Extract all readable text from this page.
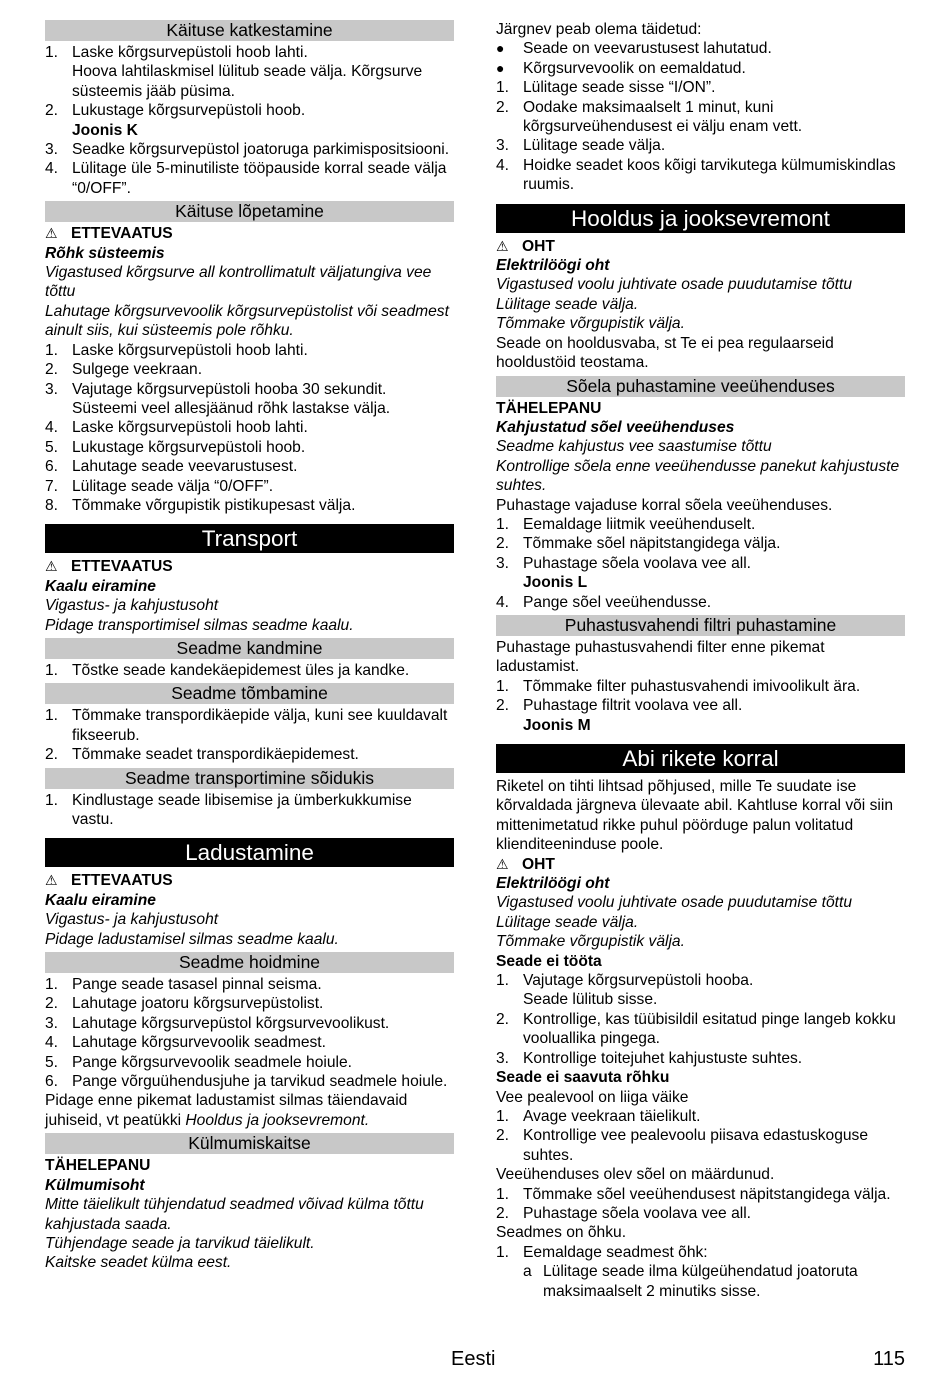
Käituse katkestamine
1. Laske kõrgsurvepüstoli hoob lahti.
Hoova lahtilaskmisel lülitub seade välja. Kõrgsurve süsteemis jääb püsima.
2. Lukustage kõrgsurvepüstoli hoob.
Joonis K
3. Seadke kõrgsurvepüstol joatoruga parkimispositsiooni.
4. Lülitage üle 5-minutiliste tööpauside korral seade välja “0/OFF”.
Käituse lõpetamine
⚠ ETTEVAATUS

Rõhk süsteemis

Vigastused kõrgsurve all kontrollimatult väljatungiva vee tõttu

Lahutage kõrgsurvevoolik kõrgsurvepüstolist või seadmest ainult siis, kui süsteemis pole rõhku.

1. Laske kõrgsurvepüstoli hoob lahti.
2. Sulgege veekraan.
3. Vajutage kõrgsurvepüstoli hooba 30 sekundit.
Süsteemi veel allesjäänud rõhk lastakse välja.
4. Laske kõrgsurvepüstoli hoob lahti.
5. Lukustage kõrgsurvepüstoli hoob.
6. Lahutage seade veevarustusest.
7. Lülitage seade välja “0/OFF”.
8. Tõmmake võrgupistik pistikupesast välja.
Transport
⚠ ETTEVAATUS

Kaalu eiramine

Vigastus- ja kahjustusoht

Pidage transportimisel silmas seadme kaalu.

Seadme kandmine
1. Tõstke seade kandekäepidemest üles ja kandke.
Seadme tõmbamine
1. Tõmmake transpordikäepide välja, kuni see kuuldavalt fikseerub.
2. Tõmmake seadet transpordikäepidemest.
Seadme transportimine sõidukis
1. Kindlustage seade libisemise ja ümberkukkumise vastu.
Ladustamine
⚠ ETTEVAATUS

Kaalu eiramine

Vigastus- ja kahjustusoht

Pidage ladustamisel silmas seadme kaalu.

Seadme hoidmine
1. Pange seade tasasel pinnal seisma.
2. Lahutage joatoru kõrgsurvepüstolist.
3. Lahutage kõrgsurvepüstol kõrgsurvevoolikust.
4. Lahutage kõrgsurvevoolik seadmest.
5. Pange kõrgsurvevoolik seadmele hoiule.
6. Pange võrguühendusjuhe ja tarvikud seadmele hoiule.

Pidage enne pikemat ladustamist silmas täiendavaid juhiseid, vt peatükki Hooldus ja jooksevremont.

Külmumiskaitse

TÄHELEPANU

Külmumisoht

Mitte täielikult tühjendatud seadmed võivad külma tõttu kahjustada saada.

Tühjendage seade ja tarvikud täielikult.

Kaitske seadet külma eest.

Järgnev peab olema täidetud:

●	Seade on veevarustusest lahutatud.
●	Kõrgsurvevoolik on eemaldatud.
1. Lülitage seade sisse “I/ON”.
2. Oodake maksimaalselt 1 minut, kuni kõrgsurveühendusest ei välju enam vett.
3. Lülitage seade välja.
4. Hoidke seadet koos kõigi tarvikutega külmumiskindlas ruumis.
Hooldus ja jooksevremont
⚠ OHT

Elektrilöögi oht

Vigastused voolu juhtivate osade puudutamise tõttu

Lülitage seade välja.

Tõmmake võrgupistik välja.

Seade on hooldusvaba, st Te ei pea regulaarseid hooldustöid teostama.

Sõela puhastamine veeühenduses

TÄHELEPANU

Kahjustatud sõel veeühenduses

Seadme kahjustus vee saastumise tõttu

Kontrollige sõela enne veeühendusse panekut kahjustuste suhtes.

Puhastage vajaduse korral sõela veeühenduses.

1. Eemaldage liitmik veeühenduselt.
2. Tõmmake sõel näpitstangidega välja.
3. Puhastage sõela voolava vee all.
Joonis L
4. Pange sõel veeühendusse.
Puhastusvahendi filtri puhastamine

Puhastage puhastusvahendi filter enne pikemat ladustamist.

1. Tõmmake filter puhastusvahendi imivoolikult ära.
2. Puhastage filtrit voolava vee all.
Joonis M
Abi rikete korral

Riketel on tihti lihtsad põhjused, mille Te suudate ise kõrvaldada järgneva ülevaate abil. Kahtluse korral või siin mittenimetatud rikke puhul pöörduge palun volitatud klienditeeninduse poole.

⚠ OHT

Elektrilöögi oht

Vigastused voolu juhtivate osade puudutamise tõttu

Lülitage seade välja.

Tõmmake võrgupistik välja.

Seade ei tööta

1. Vajutage kõrgsurvepüstoli hooba.
Seade lülitub sisse.
2. Kontrollige, kas tüübisildil esitatud pinge langeb kokku vooluallika pingega.
3. Kontrollige toitejuhet kahjustuste suhtes.

Seade ei saavuta rõhku

Vee pealevool on liiga väike

1. Avage veekraan täielikult.
2. Kontrollige vee pealevoolu piisava edastuskoguse suhtes.

Veeühenduses olev sõel on määrdunud.

1. Tõmmake sõel veeühendusest näpitstangidega välja.
2. Puhastage sõela voolava vee all.

Seadmes on õhku.

1. Eemaldage seadmest õhk:
a Lülitage seade ilma külgeühendatud joatoruta maksimaalselt 2 minutiks sisse.
Eesti	115
